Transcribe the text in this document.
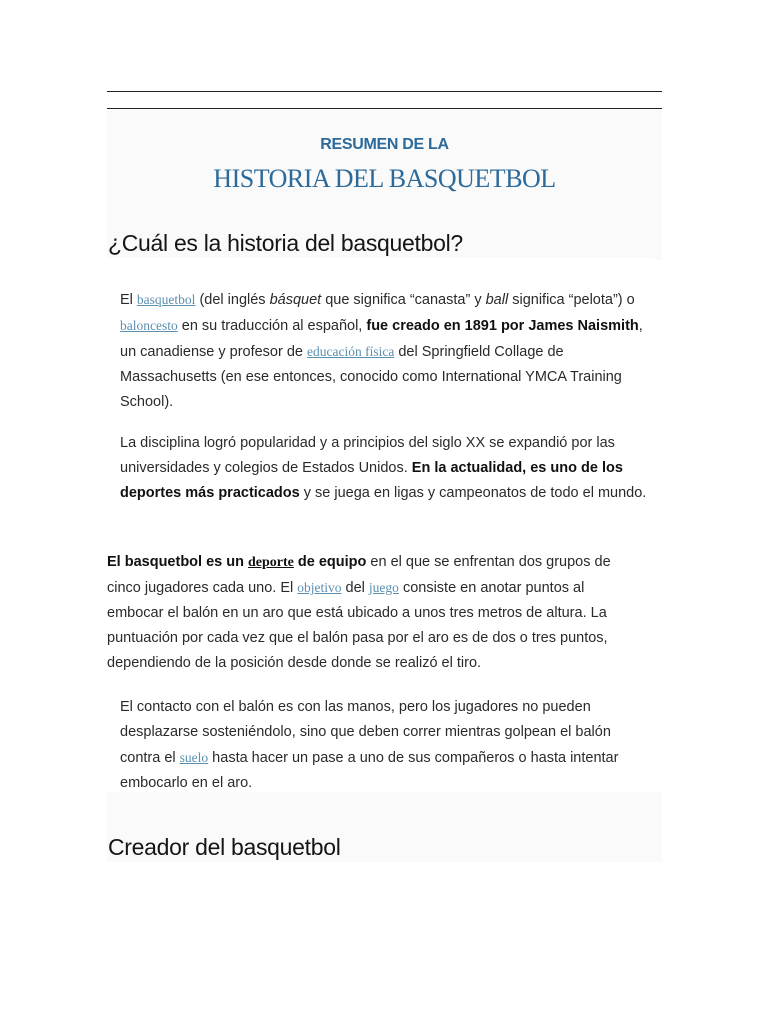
RESUMEN DE LA
HISTORIA DEL BASQUETBOL
¿Cuál es la historia del basquetbol?

El basquetbol (del inglés básquet que significa “canasta” y ball significa “pelota”) o baloncesto en su traducción al español, fue creado en 1891 por James Naismith, un canadiense y profesor de educación física del Springfield Collage de Massachusetts (en ese entonces, conocido como International YMCA Training School).

La disciplina logró popularidad y a principios del siglo XX se expandió por las universidades y colegios de Estados Unidos. En la actualidad, es uno de los deportes más practicados y se juega en ligas y campeonatos de todo el mundo.

El basquetbol es un deporte de equipo en el que se enfrentan dos grupos de cinco jugadores cada uno. El objetivo del juego consiste en anotar puntos al embocar el balón en un aro que está ubicado a unos tres metros de altura. La puntuación por cada vez que el balón pasa por el aro es de dos o tres puntos, dependiendo de la posición desde donde se realizó el tiro.

El contacto con el balón es con las manos, pero los jugadores no pueden desplazarse sosteniéndolo, sino que deben correr mientras golpean el balón contra el suelo hasta hacer un pase a uno de sus compañeros o hasta intentar embocarlo en el aro.

Creador del basquetbol
